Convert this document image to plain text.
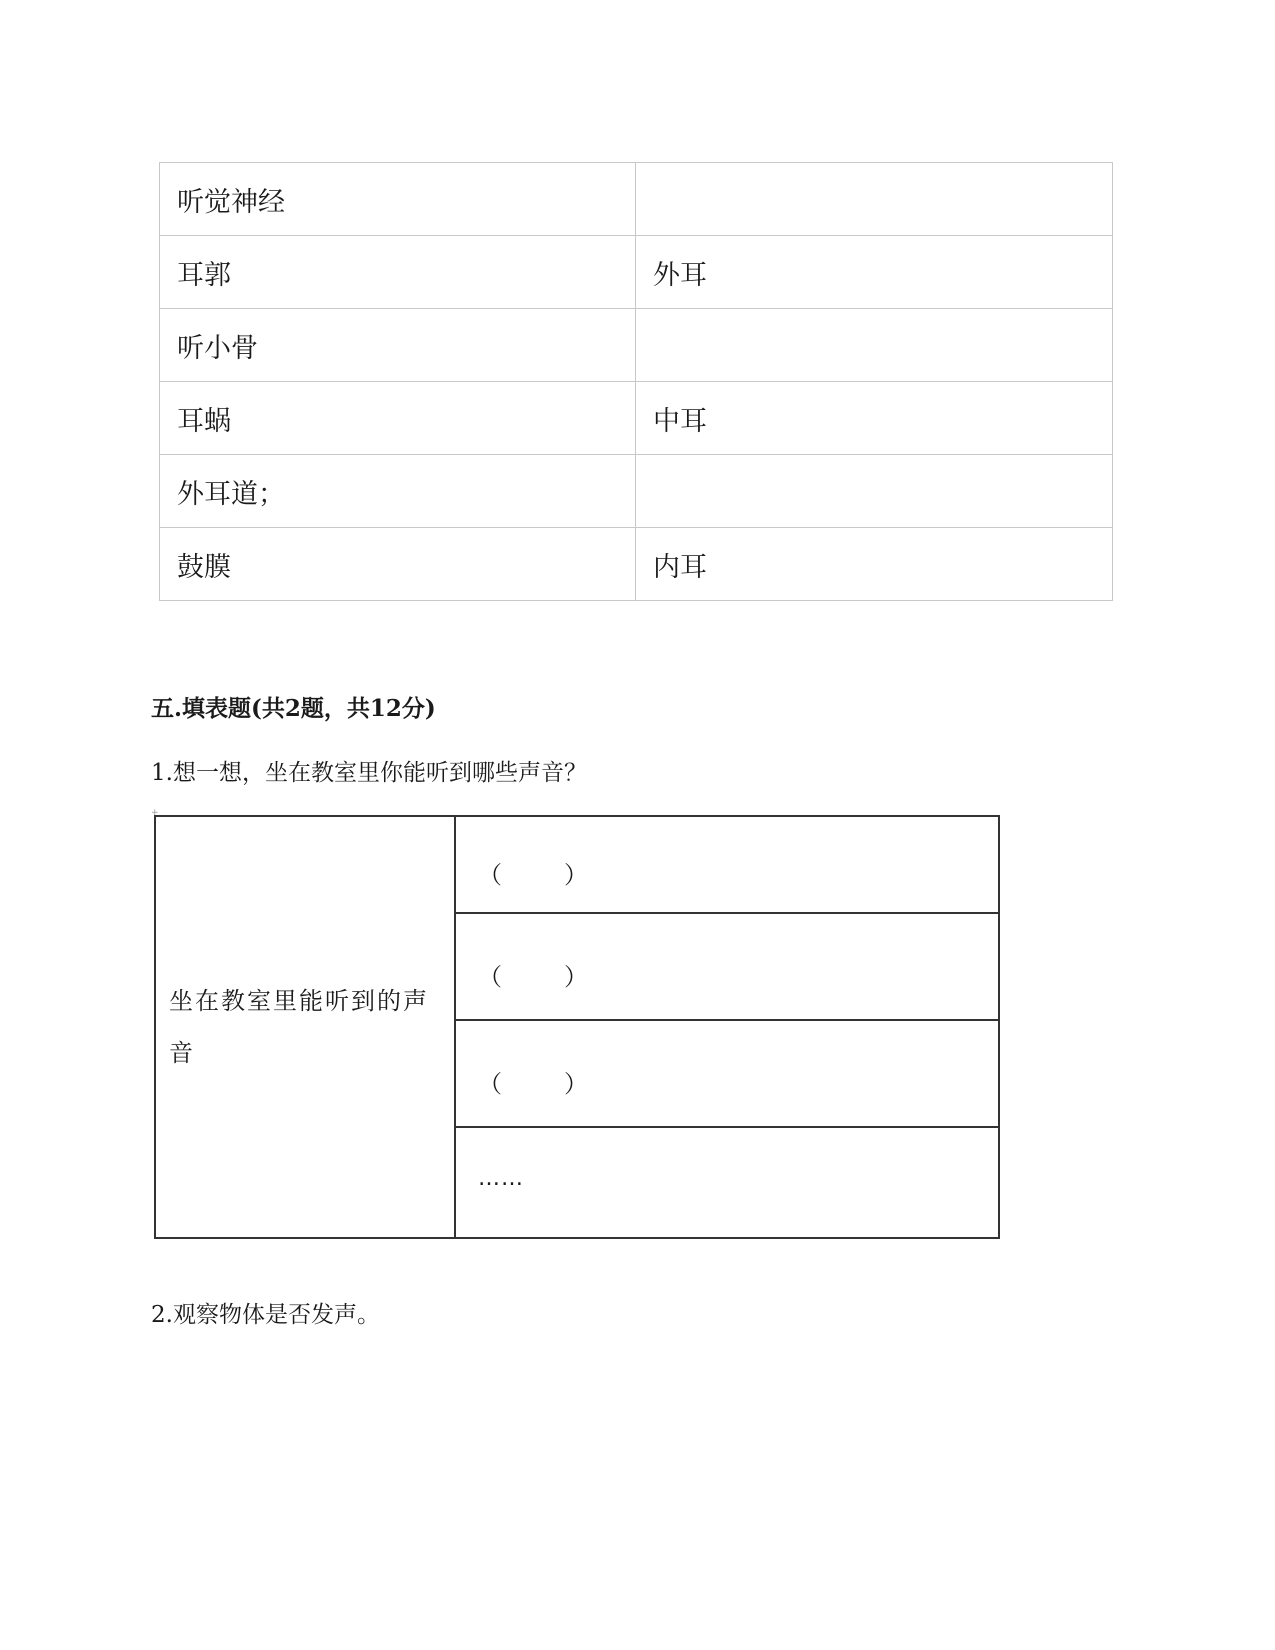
听觉神经	
耳郭	外耳
听小骨	
耳蜗	中耳
外耳道；	
鼓膜	内耳
五.填表题(共2题，共12分)

1.想一想，坐在教室里你能听到哪些声音？

+
坐在教室里能听到的声音	
（	）

（	）

（	）

……

2.观察物体是否发声。
